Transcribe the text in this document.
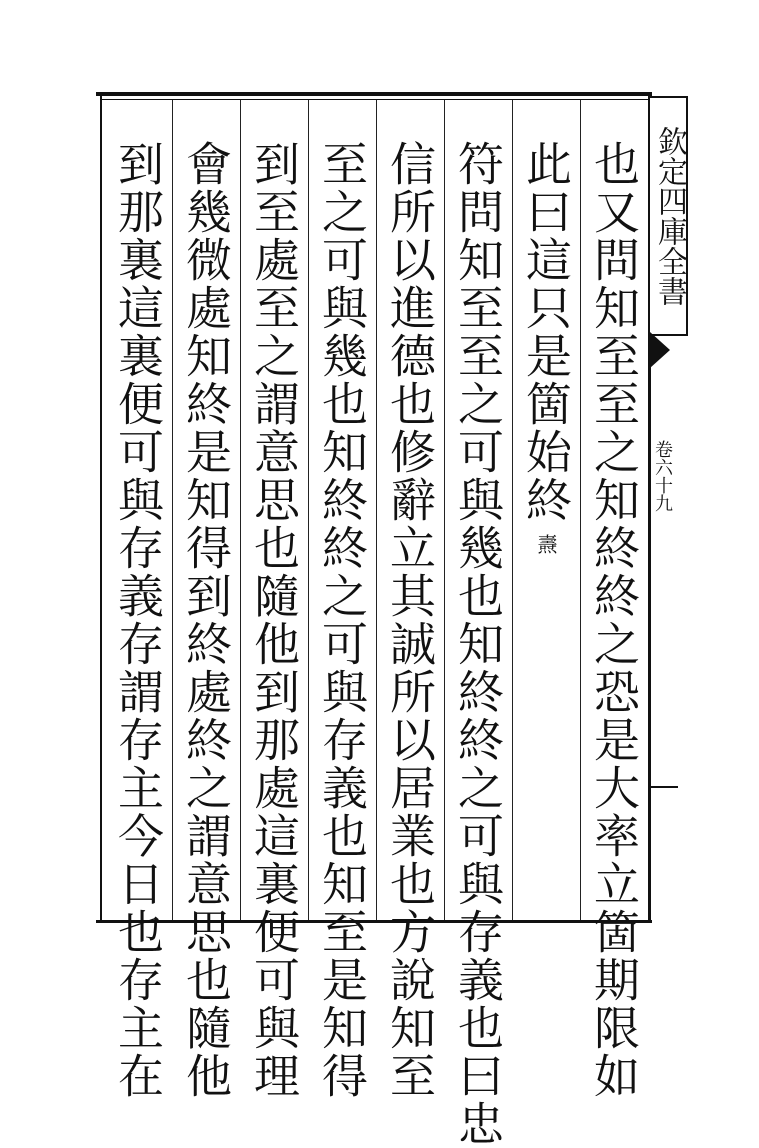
也又問知至至之知終終之恐是大率立箇期限如
此曰這只是箇始終燾
符問知至至之可與幾也知終終之可與存義也曰忠
信所以進德也修辭立其誠所以居業也方說知至
至之可與幾也知終終之可與存義也知至是知得
到至處至之謂意思也隨他到那處這裏便可與理
會幾微處知終是知得到終處終之謂意思也隨他
到那裏這裏便可與存義存謂存主今日也存主在	欽定四庫全書
卷六十九
